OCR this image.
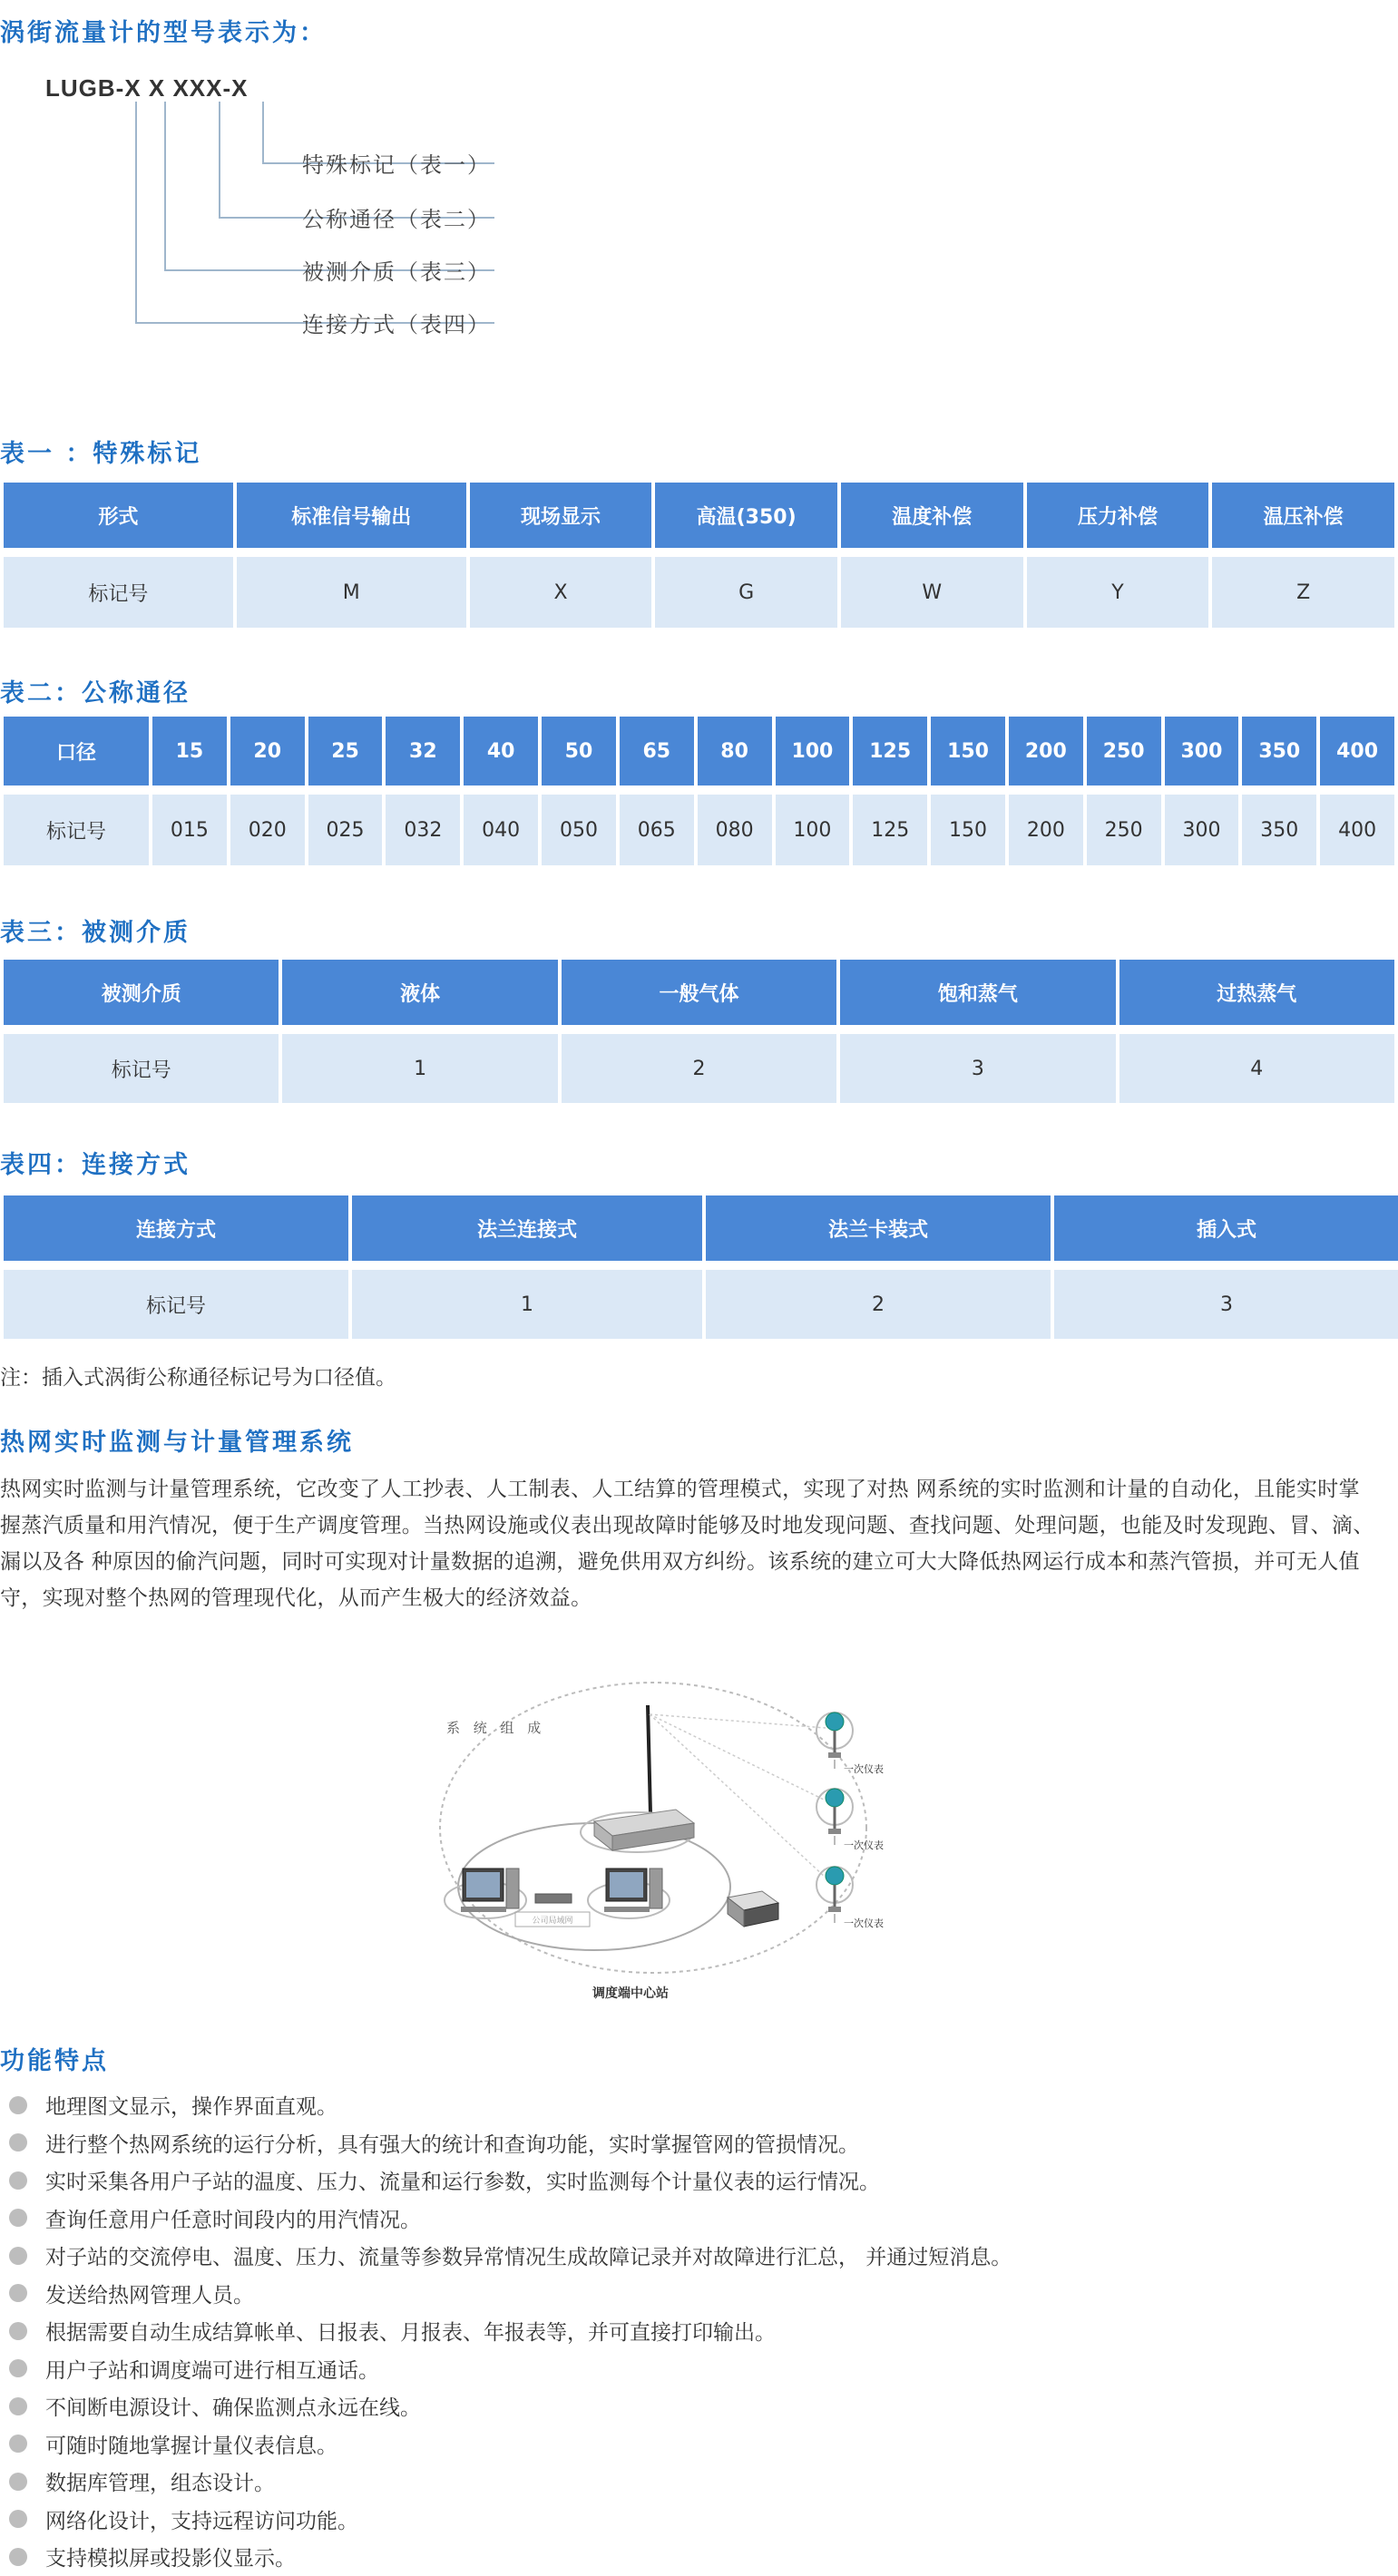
涡街流量计的型号表示为：
LUGB-X X XXX-X
特殊标记（表一）
公称通径（表二）
被测介质（表三）
连接方式（表四）
表一 ：特殊标记
形式	标准信号输出	现场显示	高温(350)	温度补偿	压力补偿	温压补偿

标记号	M	X	G	W	Y	Z
表二：公称通径
口径	15	20	25	32	40	50	65	80	100	125	150	200	250	300	350	400

标记号	015	020	025	032	040	050	065	080	100	125	150	200	250	300	350	400
表三：被测介质
被测介质	液体	一般气体	饱和蒸气	过热蒸气

标记号	1	2	3	4
表四：连接方式
连接方式	法兰连接式	法兰卡装式	插入式

标记号	1	2	3
注：插入式涡街公称通径标记号为口径值。
热网实时监测与计量管理系统
热网实时监测与计量管理系统，它改变了人工抄表、人工制表、人工结算的管理模式，实现了对热 网系统的实时监测和计量的自动化，且能实时掌握蒸汽质量和用汽情况，便于生产调度管理。当热网设施或仪表出现故障时能够及时地发现问题、查找问题、处理问题，也能及时发现跑、冒、滴、漏以及各 种原因的偷汽问题，同时可实现对计量数据的追溯，避免供用双方纠纷。该系统的建立可大大降低热网运行成本和蒸汽管损，并可无人值守，实现对整个热网的管理现代化，从而产生极大的经济效益。
系 统 组 成
公司局域网
一次仪表
一次仪表
一次仪表
调度端中心站
功能特点
地理图文显示，操作界面直观。
进行整个热网系统的运行分析，具有强大的统计和查询功能，实时掌握管网的管损情况。
实时采集各用户子站的温度、压力、流量和运行参数，实时监测每个计量仪表的运行情况。
查询任意用户任意时间段内的用汽情况。
对子站的交流停电、温度、压力、流量等参数异常情况生成故障记录并对故障进行汇总， 并通过短消息。
发送给热网管理人员。
根据需要自动生成结算帐单、日报表、月报表、年报表等，并可直接打印输出。
用户子站和调度端可进行相互通话。
不间断电源设计、确保监测点永远在线。
可随时随地掌握计量仪表信息。
数据库管理，组态设计。
网络化设计，支持远程访问功能。
支持模拟屏或投影仪显示。
